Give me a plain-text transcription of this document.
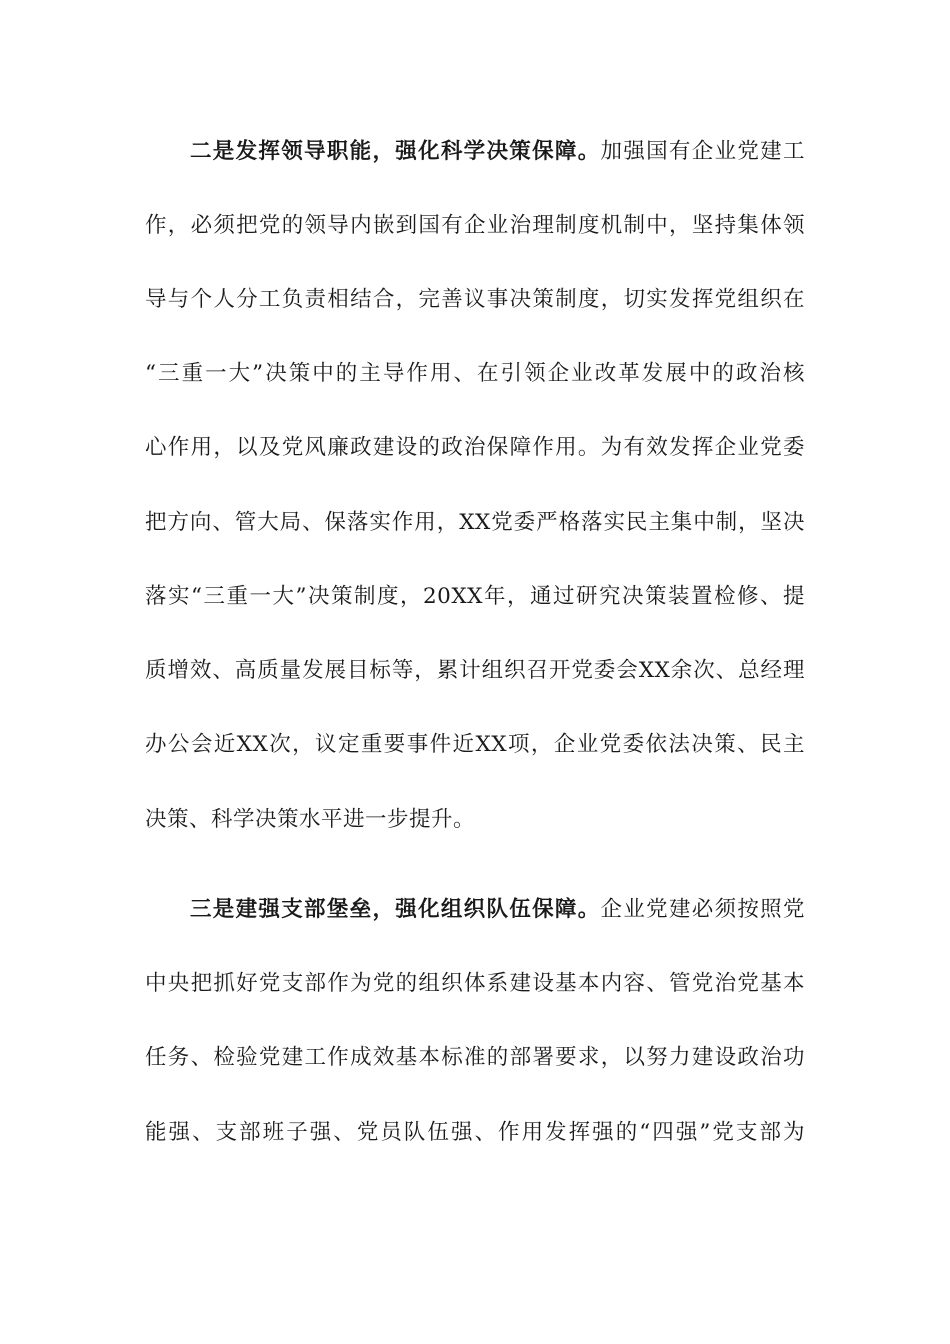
二是发挥领导职能，强化科学决策保障。加强国有企业党建工
作，必须把党的领导内嵌到国有企业治理制度机制中，坚持集体领
导与个人分工负责相结合，完善议事决策制度，切实发挥党组织在
“三重一大”决策中的主导作用、在引领企业改革发展中的政治核
心作用，以及党风廉政建设的政治保障作用。为有效发挥企业党委
把方向、管大局、保落实作用，XX党委严格落实民主集中制，坚决
落实“三重一大”决策制度，20XX年，通过研究决策装置检修、提
质增效、高质量发展目标等，累计组织召开党委会XX余次、总经理
办公会近XX次，议定重要事件近XX项，企业党委依法决策、民主
决策、科学决策水平进一步提升。
三是建强支部堡垒，强化组织队伍保障。企业党建必须按照党
中央把抓好党支部作为党的组织体系建设基本内容、管党治党基本
任务、检验党建工作成效基本标准的部署要求，以努力建设政治功
能强、支部班子强、党员队伍强、作用发挥强的“四强”党支部为
